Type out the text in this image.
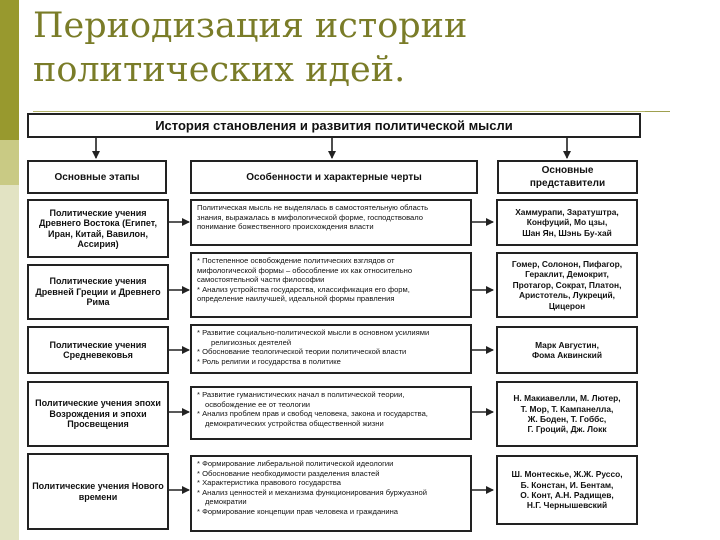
Периодизация истории
политических идей.
История становления и развития политической мысли
Основные этапы	Особенности и характерные черты
Основные
представители
Политические учения Древнего Востока (Египет, Иран, Китай, Вавилон, Ассирия)
Политическая мысль не выделялась в самостоятельную область
знания, выражалась в мифологической форме, господствовало
понимание божественного происхождения власти
Хаммурапи, Заратуштра,
Конфуций, Мо цзы,
Шан Ян, Шэнь Бу-хай
Политические учения Древней Греции и Древнего Рима
* Постепенное освобождение политических взглядов от
мифологической формы – обособление их как относительно
самостоятельной части философии
* Анализ устройства государства, классификация его форм,
определение наилучшей, идеальной формы правления
Гомер, Солонон, Пифагор,
Гераклит, Демокрит,
Протагор, Сократ, Платон,
Аристотель, Лукреций,
Цицерон
Политические учения Средневековья
* Развитие социально-политической мысли в основном усилиями
религиозных деятелей
* Обоснование теологической теории политической власти
* Роль религии и государства в политике
Марк Августин,
Фома Аквинский
Политические учения эпохи Возрождения и эпохи Просвещения
* Развитие гуманистических начал в политической теории,
освобождение ее от теологии
* Анализ проблем прав и свобод человека, закона и государства,
демократических устройства общественной жизни
Н. Макиавелли, М. Лютер,
Т. Мор, Т. Кампанелла,
Ж. Боден, Т. Гоббс,
Г. Гроций, Дж. Локк
Политические учения Нового времени
* Формирование либеральной политической идеологии
* Обоснование необходимости разделения властей
* Характеристика правового государства
* Анализ ценностей и механизма функционирования буржуазной
демократии
* Формирование концепции прав человека и гражданина
Ш. Монтескье, Ж.Ж. Руссо,
Б. Констан, И. Бентам,
О. Конт, А.Н. Радищев,
Н.Г. Чернышевский
